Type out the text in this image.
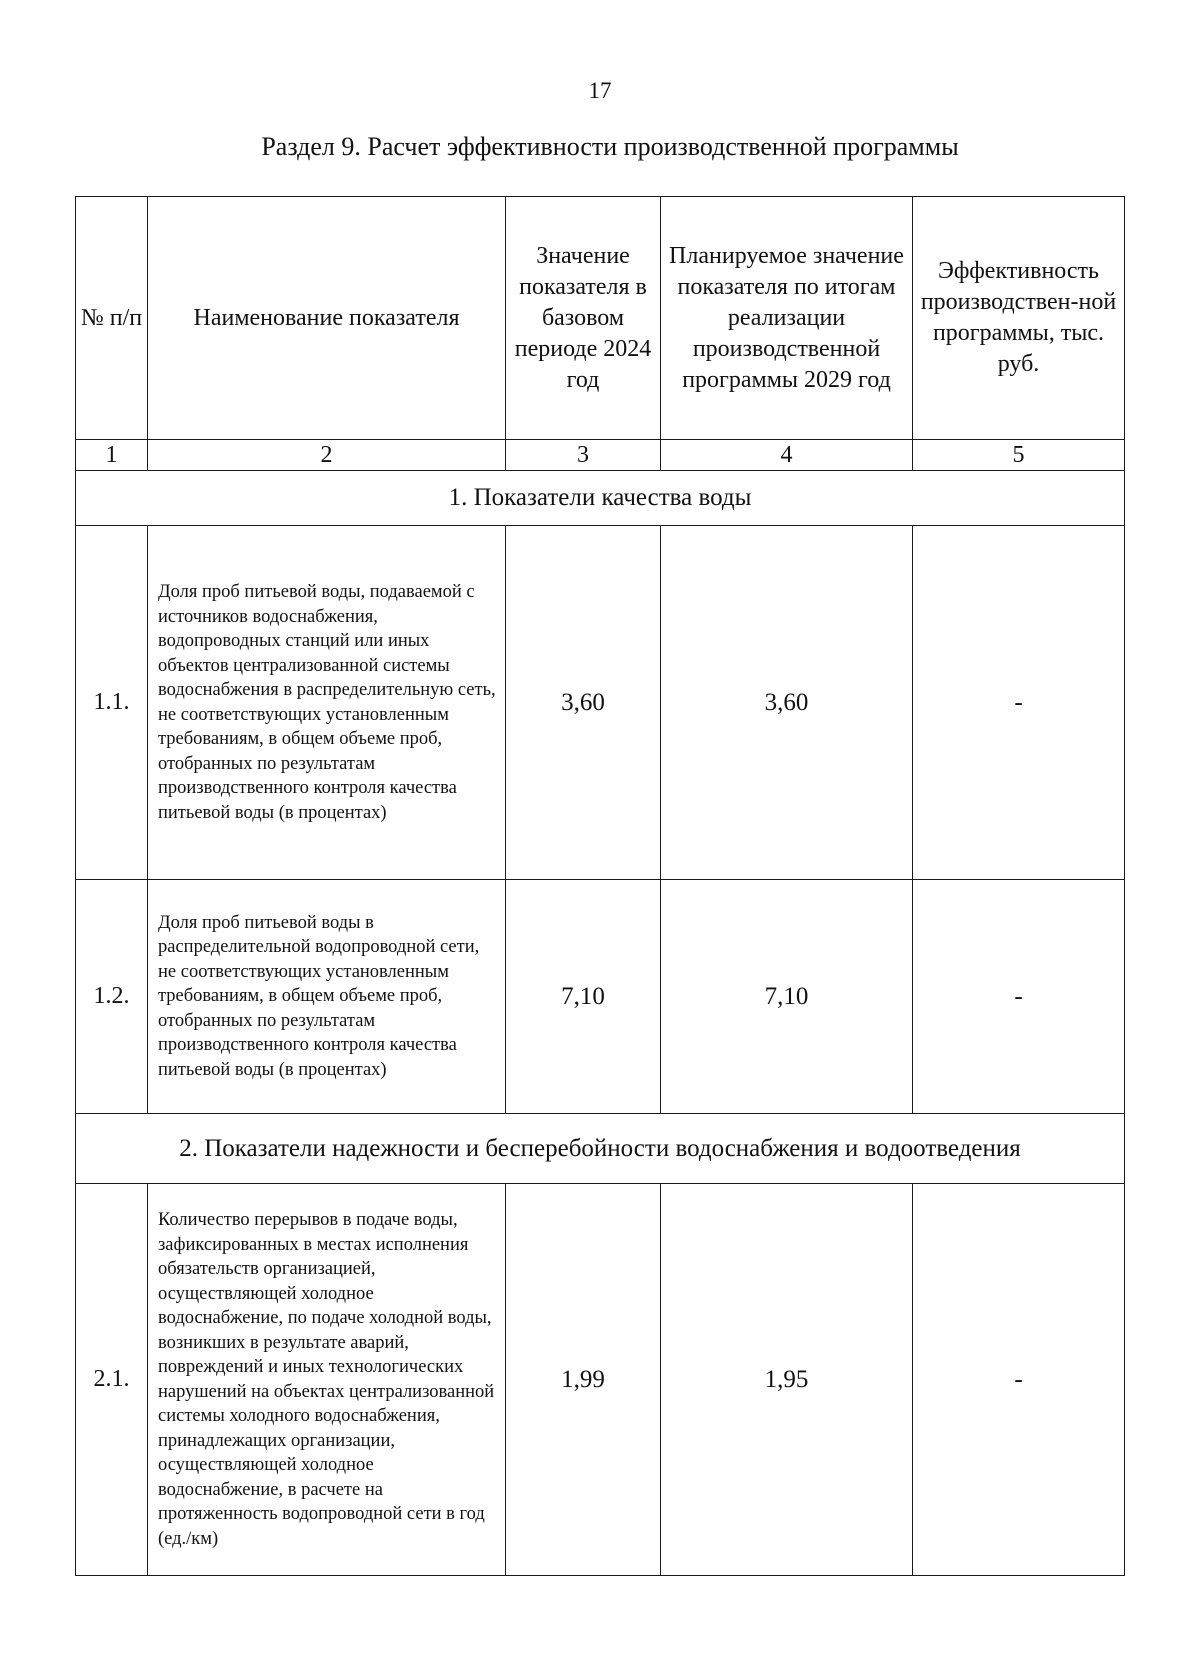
17
Раздел 9. Расчет эффективности производственной программы
№ п/п	Наименование показателя	Значение показателя в базовом периоде 2024 год	Планируемое значение показателя по итогам реализации производственной программы 2029 год	Эффективность производствен-ной программы, тыс. руб.
1	2	3	4	5
1. Показатели качества воды				
1.1.	Доля проб питьевой воды, подаваемой с источников водоснабжения, водопроводных станций или иных объектов централизованной системы водоснабжения в распределительную сеть, не соответствующих установленным требованиям, в общем объеме проб, отобранных по результатам производственного контроля качества питьевой воды (в процентах)	3,60	3,60	-
1.2.	Доля проб питьевой воды в распределительной водопроводной сети, не соответствующих установленным требованиям, в общем объеме проб, отобранных по результатам производственного контроля качества питьевой воды (в процентах)	7,10	7,10	-
2. Показатели надежности и бесперебойности водоснабжения и водоотведения				
2.1.	Количество перерывов в подаче воды, зафиксированных в местах исполнения обязательств организацией, осуществляющей холодное водоснабжение, по подаче холодной воды, возникших в результате аварий, повреждений и иных технологических нарушений на объектах централизованной системы холодного водоснабжения, принадлежащих организации, осуществляющей холодное водоснабжение, в расчете на протяженность водопроводной сети в год (ед./км)	1,99	1,95	-
